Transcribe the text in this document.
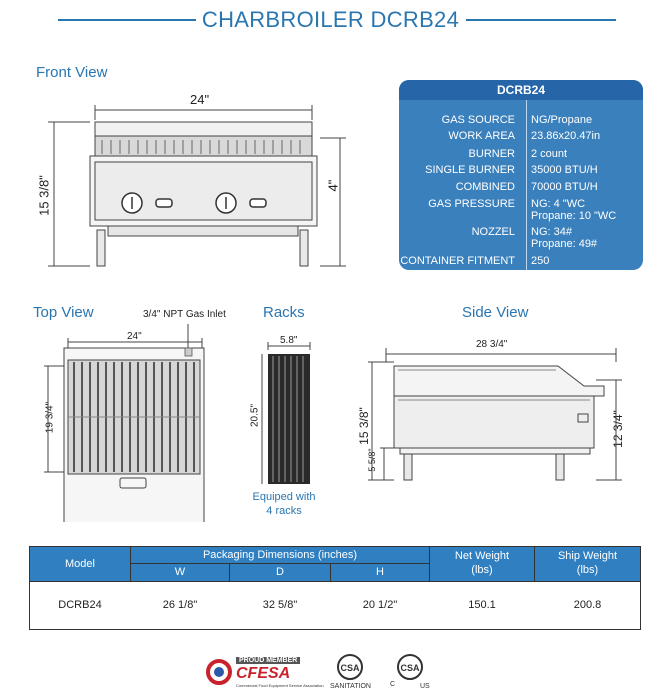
CHARBROILER DCRB24
Front View
24"
15 3/8"	4"
DCRB24
GAS SOURCE NG/Propane
WORK AREA 23.86x20.47in
BURNER 2 count
SINGLE BURNER 35000 BTU/H
COMBINED 70000 BTU/H
GAS PRESSURE NG: 4 "WC
Propane: 10 "WC
NOZZEL NG: 34#
Propane: 49#
CONTAINER FITMENT 250
Top View	3/4" NPT Gas Inlet
24"
19 3/4"
Racks
5.8"
20.5"
Equiped with
4 racks
Side View
28 3/4"
15 3/8"
5 5/8"
12 3/4"
Model
Packaging Dimensions (inches)
W	D	H
Net Weight
(lbs)
Ship Weight
(lbs)
DCRB24	26 1/8"	32 5/8"	20 1/2"	150.1	200.8
PROUD MEMBER
CFESA
Commercial Food Equipment Service Association
CSA
SANITATION
CSA
C	US
